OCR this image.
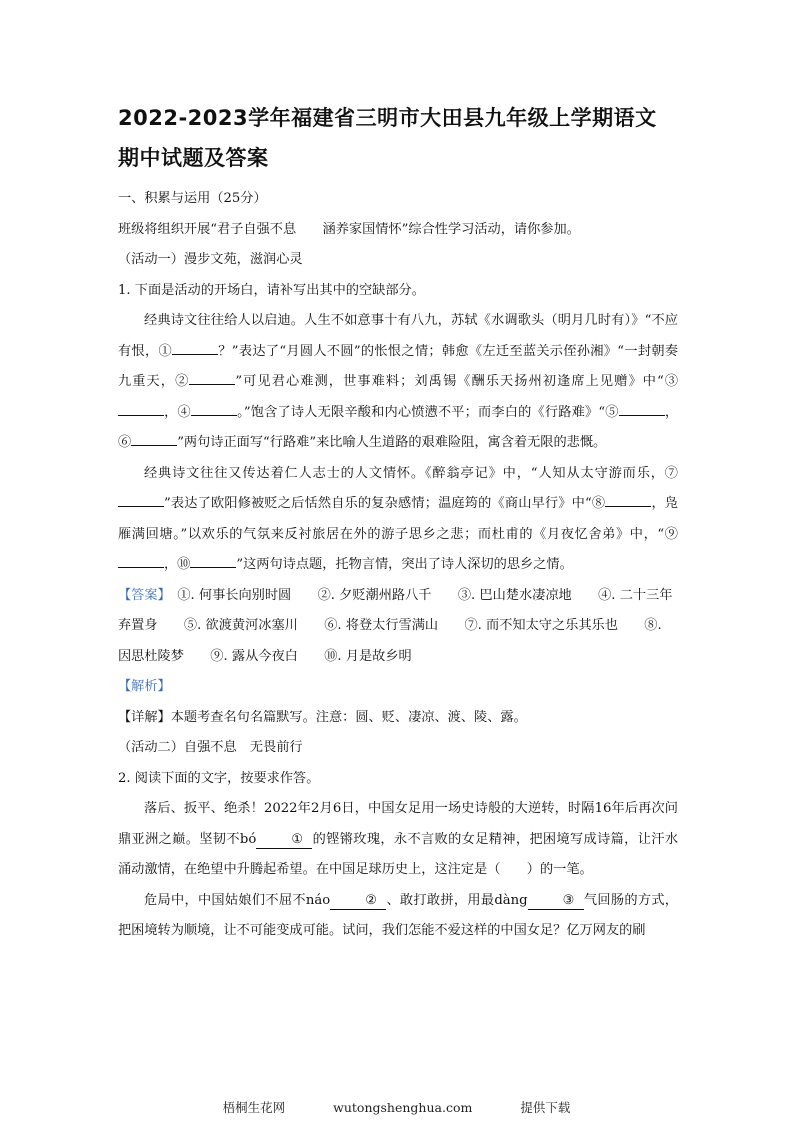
2022-2023学年福建省三明市大田县九年级上学期语文期中试题及答案

一、积累与运用（25分）

班级将组织开展“君子自强不息　　涵养家国情怀”综合性学习活动，请你参加。

（活动一）漫步文苑，滋润心灵

1. 下面是活动的开场白，请补写出其中的空缺部分。

经典诗文往往给人以启迪。人生不如意事十有八九，苏轼《水调歌头（明月几时有）》“不应有恨，①	？”表达了“月圆人不圆”的怅恨之情；韩愈《左迁至蓝关示侄孙湘》“一封朝奏九重天，②	”可见君心难测，世事难料；刘禹锡《酬乐天扬州初逢席上见赠》中“③，④	。”饱含了诗人无限辛酸和内心愤懑不平；而李白的《行路难》“⑤	，⑥	”两句诗正面写“行路难”来比喻人生道路的艰难险阻，寓含着无限的悲慨。

经典诗文往往又传达着仁人志士的人文情怀。《醉翁亭记》中，“人知从太守游而乐，⑦”表达了欧阳修被贬之后恬然自乐的复杂感情；温庭筠的《商山早行》中“⑧	，凫雁满回塘。”以欢乐的气氛来反衬旅居在外的游子思乡之悲；而杜甫的《月夜忆舍弟》中，“⑨，⑩	”这两句诗点题，托物言情，突出了诗人深切的思乡之情。

【答案】　①. 何事长向别时圆　　②. 夕贬潮州路八千　　③. 巴山楚水凄凉地　　④. 二十三年弃置身　　⑤. 欲渡黄河冰塞川　　⑥. 将登太行雪满山　　⑦. 而不知太守之乐其乐也　　⑧. 因思杜陵梦　　⑨. 露从今夜白　　⑩. 月是故乡明

【解析】

【详解】本题考查名句名篇默写。注意：圆、贬、凄凉、渡、陵、露。

（活动二）自强不息　无畏前行

2. 阅读下面的文字，按要求作答。

落后、扳平、绝杀！2022年2月6日，中国女足用一场史诗般的大逆转，时隔16年后再次问鼎亚洲之巅。坚韧不bó	① 的铿锵玫瑰，永不言败的女足精神，把困境写成诗篇，让汗水涌动激情，在绝望中升腾起希望。在中国足球历史上，这注定是（　　）的一笔。

危局中，中国姑娘们不屈不náo	② 、敢打敢拼，用最dàng	③ 气回肠的方式，把困境转为顺境，让不可能变成可能。试问，我们怎能不爱这样的中国女足？亿万网友的刷

梧桐生花网	wutongshenghua.com	提供下载
